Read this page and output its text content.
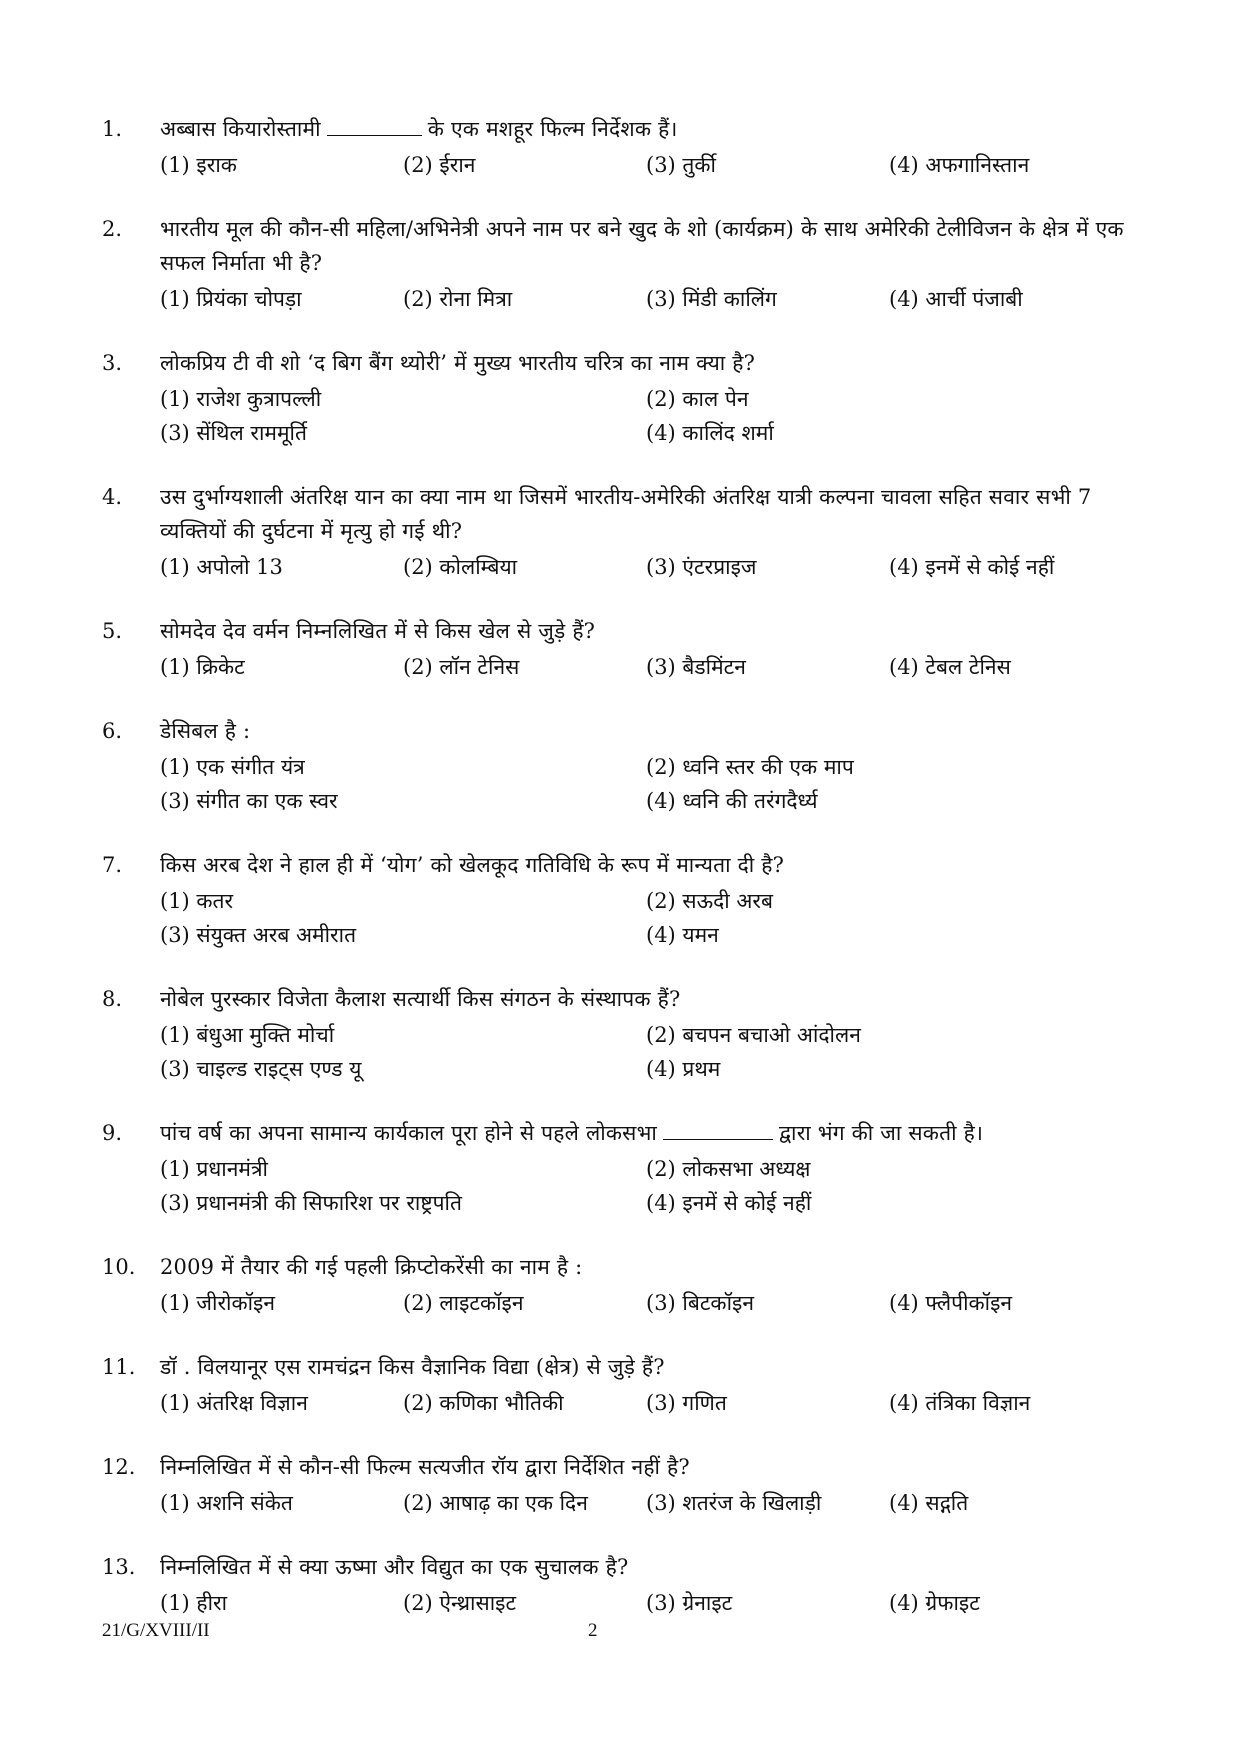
1.	अब्बास कियारोस्तामी	के एक मशहूर फिल्म निर्देशक हैं।
(1) इराक	(2) ईरान	(3) तुर्की	(4) अफगानिस्तान
2.	भारतीय मूल की कौन-सी महिला/अभिनेत्री अपने नाम पर बने खुद के शो (कार्यक्रम) के साथ अमेरिकी टेलीविजन के क्षेत्र में एक सफल निर्माता भी है?
(1) प्रियंका चोपड़ा	(2) रोना मित्रा	(3) मिंडी कालिंग	(4) आर्ची पंजाबी
3.	लोकप्रिय टी वी शो ‘द बिग बैंग थ्योरी’ में मुख्य भारतीय चरित्र का नाम क्या है?
(1) राजेश कुत्रापल्ली	(2) काल पेन
(3) सेंथिल राममूर्ति	(4) कालिंद शर्मा
4.	उस दुर्भाग्यशाली अंतरिक्ष यान का क्या नाम था जिसमें भारतीय-अमेरिकी अंतरिक्ष यात्री कल्पना चावला सहित सवार सभी 7 व्यक्तियों की दुर्घटना में मृत्यु हो गई थी?
(1) अपोलो 13	(2) कोलम्बिया	(3) एंटरप्राइज	(4) इनमें से कोई नहीं
5.	सोमदेव देव वर्मन निम्नलिखित में से किस खेल से जुड़े हैं?
(1) क्रिकेट	(2) लॉन टेनिस	(3) बैडमिंटन	(4) टेबल टेनिस
6.	डेसिबल है :
(1) एक संगीत यंत्र	(2) ध्वनि स्तर की एक माप
(3) संगीत का एक स्वर	(4) ध्वनि की तरंगदैर्ध्य
7.	किस अरब देश ने हाल ही में ‘योग’ को खेलकूद गतिविधि के रूप में मान्यता दी है?
(1) कतर	(2) सऊदी अरब
(3) संयुक्त अरब अमीरात	(4) यमन
8.	नोबेल पुरस्कार विजेता कैलाश सत्यार्थी किस संगठन के संस्थापक हैं?
(1) बंधुआ मुक्ति मोर्चा	(2) बचपन बचाओ आंदोलन
(3) चाइल्ड राइट्स एण्ड यू	(4) प्रथम
9.	पांच वर्ष का अपना सामान्य कार्यकाल पूरा होने से पहले लोकसभा	द्वारा भंग की जा सकती है।
(1) प्रधानमंत्री	(2) लोकसभा अध्यक्ष
(3) प्रधानमंत्री की सिफारिश पर राष्ट्रपति	(4) इनमें से कोई नहीं
10.	2009 में तैयार की गई पहली क्रिप्टोकरेंसी का नाम है :
(1) जीरोकॉइन	(2) लाइटकॉइन	(3) बिटकॉइन	(4) फ्लैपीकॉइन
11.	डॉ . विलयानूर एस रामचंद्रन किस वैज्ञानिक विद्या (क्षेत्र) से जुड़े हैं?
(1) अंतरिक्ष विज्ञान	(2) कणिका भौतिकी	(3) गणित	(4) तंत्रिका विज्ञान
12.	निम्नलिखित में से कौन-सी फिल्म सत्यजीत रॉय द्वारा निर्देशित नहीं है?
(1) अशनि संकेत	(2) आषाढ़ का एक दिन	(3) शतरंज के खिलाड़ी	(4) सद्गति
13.	निम्नलिखित में से क्या ऊष्मा और विद्युत का एक सुचालक है?
(1) हीरा	(2) ऐन्थ्रासाइट	(3) ग्रेनाइट	(4) ग्रेफाइट
21/G/XVIII/II	2
